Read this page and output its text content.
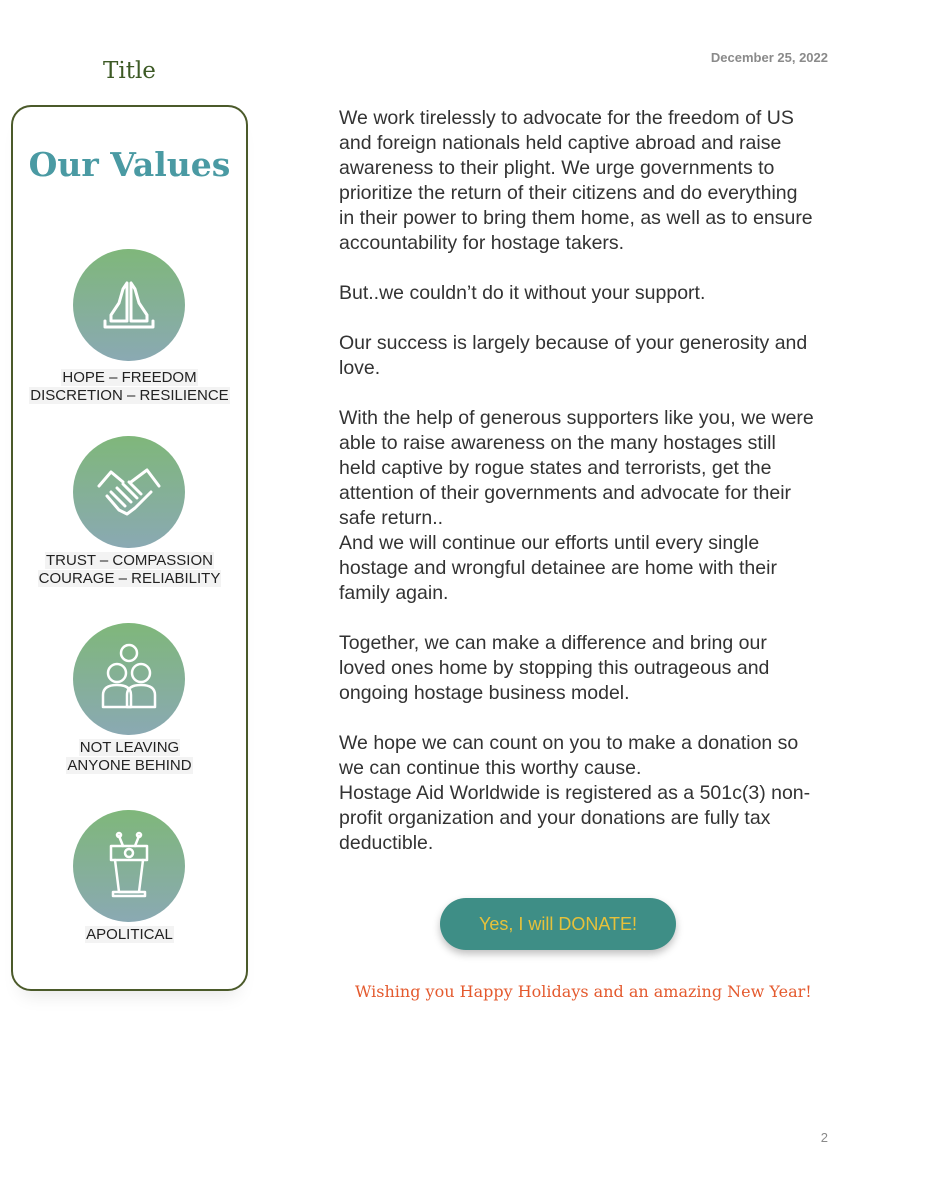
December 25, 2022
Title
Our Values
HOPE – FREEDOM
DISCRETION – RESILIENCE
TRUST – COMPASSION
COURAGE – RELIABILITY
NOT LEAVING
ANYONE BEHIND
APOLITICAL

We work tirelessly to advocate for the freedom of US and foreign nationals held captive abroad and raise awareness to their plight. We urge governments to prioritize the return of their citizens and do everything in their power to bring them home, as well as to ensure accountability for hostage takers.

But..we couldn’t do it without your support.

Our success is largely because of your generosity and love.

With the help of generous supporters like you, we were able to raise awareness on the many hostages still held captive by rogue states and terrorists, get the attention of their governments and advocate for their safe return..
And we will continue our efforts until every single hostage and wrongful detainee are home with their family again.

Together, we can make a difference and bring our loved ones home by stopping this outrageous and ongoing hostage business model.

We hope we can count on you to make a donation so we can continue this worthy cause.
Hostage Aid Worldwide is registered as a 501c(3) non-profit organization and your donations are fully tax deductible.

Yes, I will DONATE!
Wishing you Happy Holidays and an amazing New Year!
2
